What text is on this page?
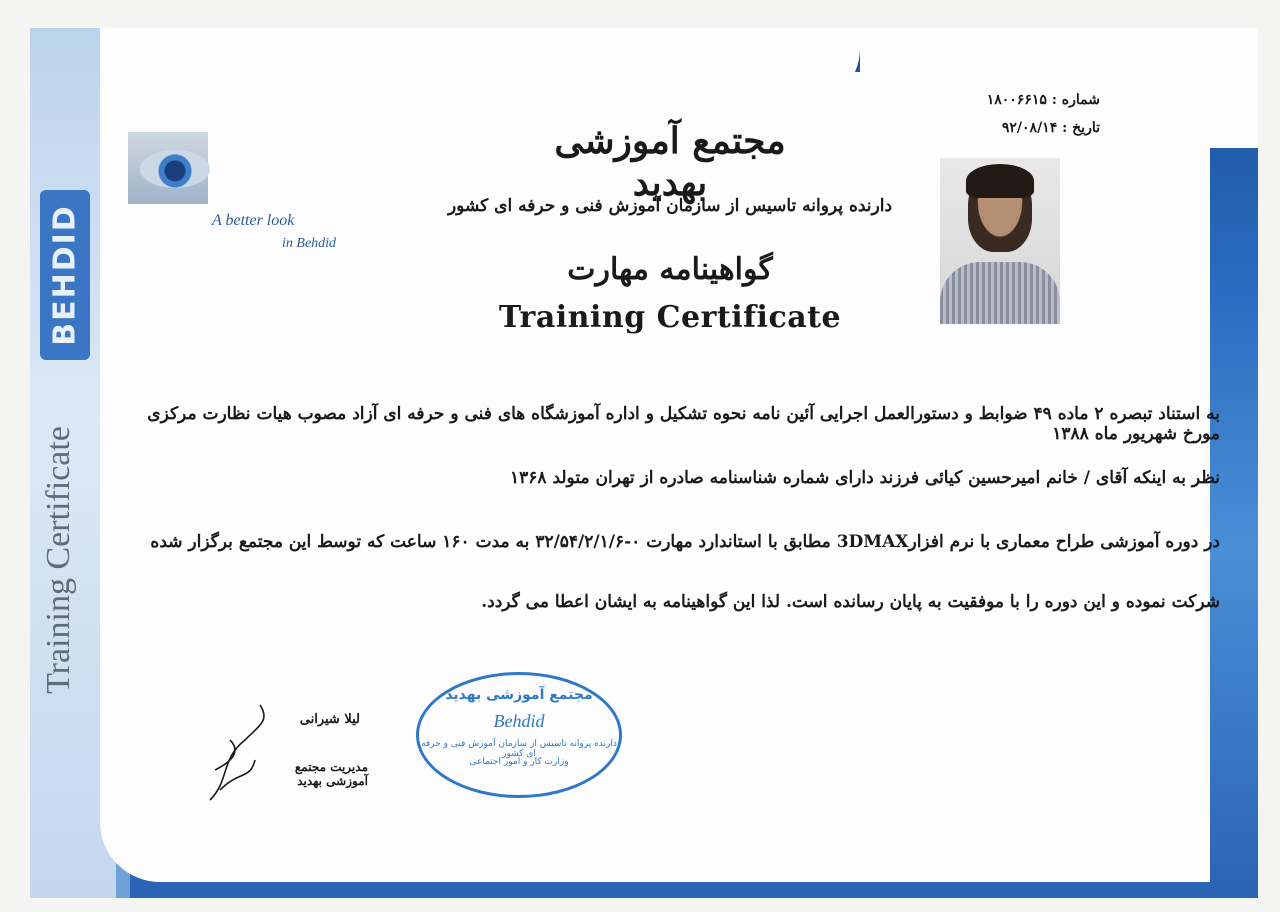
BEHDID
Training Certificate
A better look
in Behdid
شماره : ۱۸۰۰۶۶۱۵
تاریخ : ۹۲/۰۸/۱۴
مجتمع آموزشی بهدید
دارنده پروانه تاسیس از سازمان آموزش فنی و حرفه ای کشور
گواهینامه مهارت
Training Certificate
به استناد تبصره ۲ ماده ۴۹ ضوابط و دستورالعمل اجرایی آئین نامه نحوه تشکیل و اداره آموزشگاه های فنی و حرفه ای آزاد مصوب هیات نظارت مرکزی مورخ شهریور ماه ۱۳۸۸
نظر به اینکه آقای / خانم امیرحسین کیائی فرزند دارای شماره شناسنامه صادره از تهران متولد ۱۳۶۸
در دوره آموزشی طراح معماری با نرم افزار3DMAX مطابق با استاندارد مهارت ۰-۳۲/۵۴/۲/۱/۶ به مدت ۱۶۰ ساعت که توسط این مجتمع برگزار شده
شرکت نموده و این دوره را با موفقیت به پایان رسانده است. لذا این گواهینامه به ایشان اعطا می گردد.
مجتمع آموزشی بهدید
Behdid
دارنده پروانه تاسیس از سازمان آموزش فنی و حرفه ای کشور
وزارت کار و امور اجتماعی
لیلا شیرانی
مدیریت مجتمع آموزشی بهدید
